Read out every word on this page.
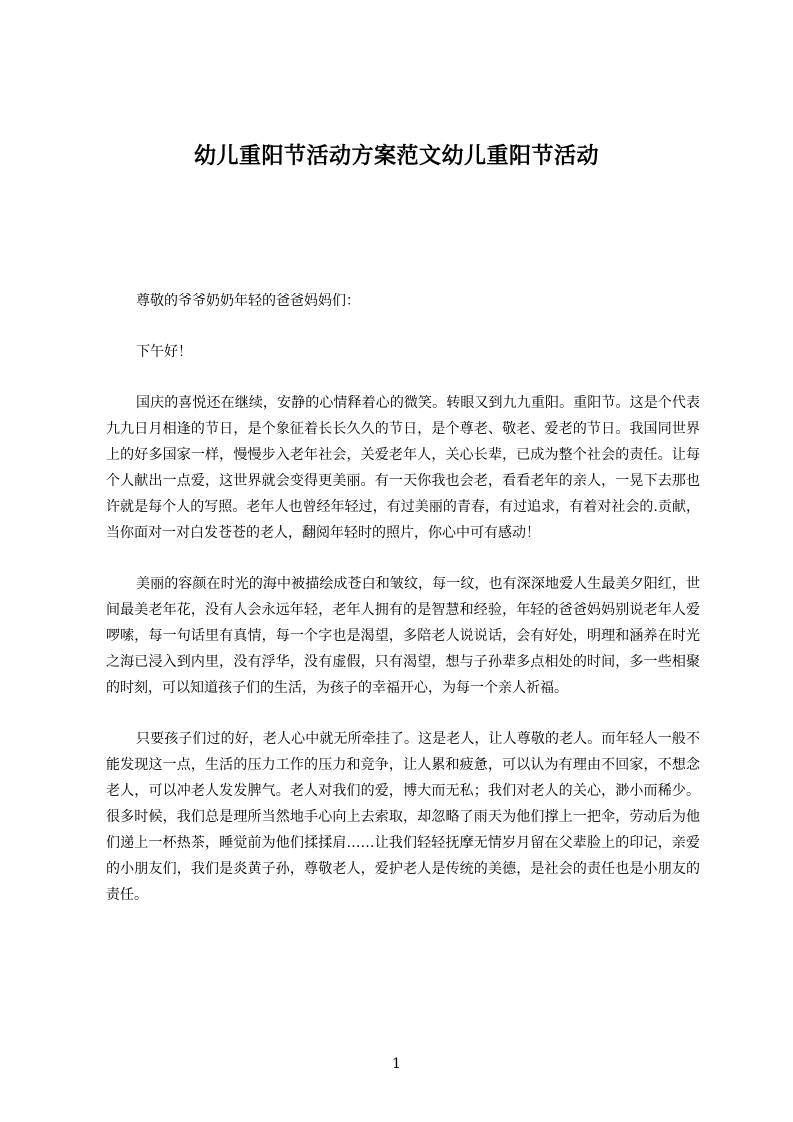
幼儿重阳节活动方案范文幼儿重阳节活动

尊敬的爷爷奶奶年轻的爸爸妈妈们：

下午好！

国庆的喜悦还在继续，安静的心情释着心的微笑。转眼又到九九重阳。重阳节。这是个代表九九日月相逢的节日，是个象征着长长久久的节日，是个尊老、敬老、爱老的节日。我国同世界上的好多国家一样，慢慢步入老年社会，关爱老年人，关心长辈，已成为整个社会的责任。让每个人献出一点爱，这世界就会变得更美丽。有一天你我也会老，看看老年的亲人，一晃下去那也许就是每个人的写照。老年人也曾经年轻过，有过美丽的青春，有过追求，有着对社会的.贡献，当你面对一对白发苍苍的老人，翻阅年轻时的照片，你心中可有感动！

美丽的容颜在时光的海中被描绘成苍白和皱纹，每一纹，也有深深地爱人生最美夕阳红，世间最美老年花，没有人会永远年轻，老年人拥有的是智慧和经验，年轻的爸爸妈妈别说老年人爱啰嗦，每一句话里有真情，每一个字也是渴望，多陪老人说说话，会有好处，明理和涵养在时光之海已浸入到内里，没有浮华，没有虚假，只有渴望，想与子孙辈多点相处的时间，多一些相聚的时刻，可以知道孩子们的生活，为孩子的幸福开心，为每一个亲人祈福。

只要孩子们过的好，老人心中就无所牵挂了。这是老人，让人尊敬的老人。而年轻人一般不能发现这一点，生活的压力工作的压力和竞争，让人累和疲惫，可以认为有理由不回家，不想念老人，可以冲老人发发脾气。老人对我们的爱，博大而无私；我们对老人的关心，渺小而稀少。很多时候，我们总是理所当然地手心向上去索取，却忽略了雨天为他们撑上一把伞，劳动后为他们递上一杯热茶，睡觉前为他们揉揉肩……让我们轻轻抚摩无情岁月留在父辈脸上的印记，亲爱的小朋友们，我们是炎黄子孙，尊敬老人，爱护老人是传统的美德，是社会的责任也是小朋友的责任。

1
